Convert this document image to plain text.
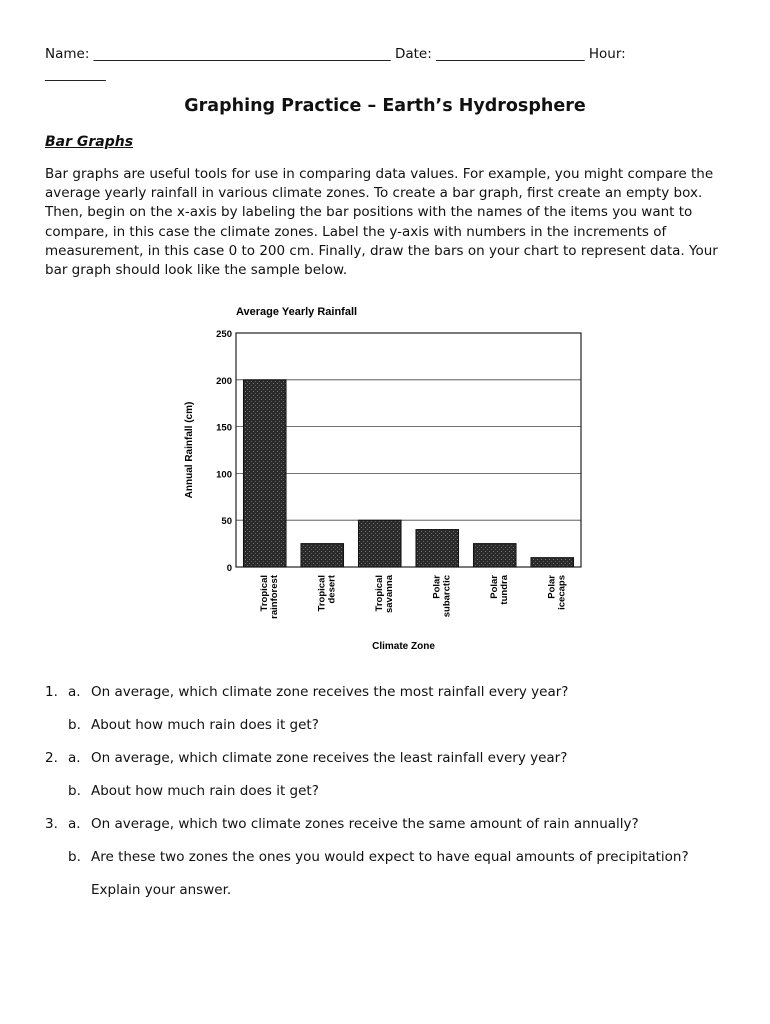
Name: ____________________________________________ Date: ______________________ Hour:
_________
Graphing Practice – Earth’s Hydrosphere
Bar Graphs
Bar graphs are useful tools for use in comparing data values. For example, you might compare the average yearly rainfall in various climate zones. To create a bar graph, first create an empty box. Then, begin on the x-axis by labeling the bar positions with the names of the items you want to compare, in this case the climate zones. Label the y-axis with numbers in the increments of measurement, in this case 0 to 200 cm. Finally, draw the bars on your chart to represent data. Your bar graph should look like the sample below.
Average Yearly Rainfall
0
50
100
150
200
250
Tropicalrainforest	Tropicaldesert	Tropicalsavanna	Polarsubarctic	Polartundra	Polaricecaps
Annual Rainfall (cm)
Climate Zone
1. a. On average, which climate zone receives the most rainfall every year?
b. About how much rain does it get?
2. a. On average, which climate zone receives the least rainfall every year?
b. About how much rain does it get?
3. a. On average, which two climate zones receive the same amount of rain annually?
b. Are these two zones the ones you would expect to have equal amounts of precipitation?
Explain your answer.
